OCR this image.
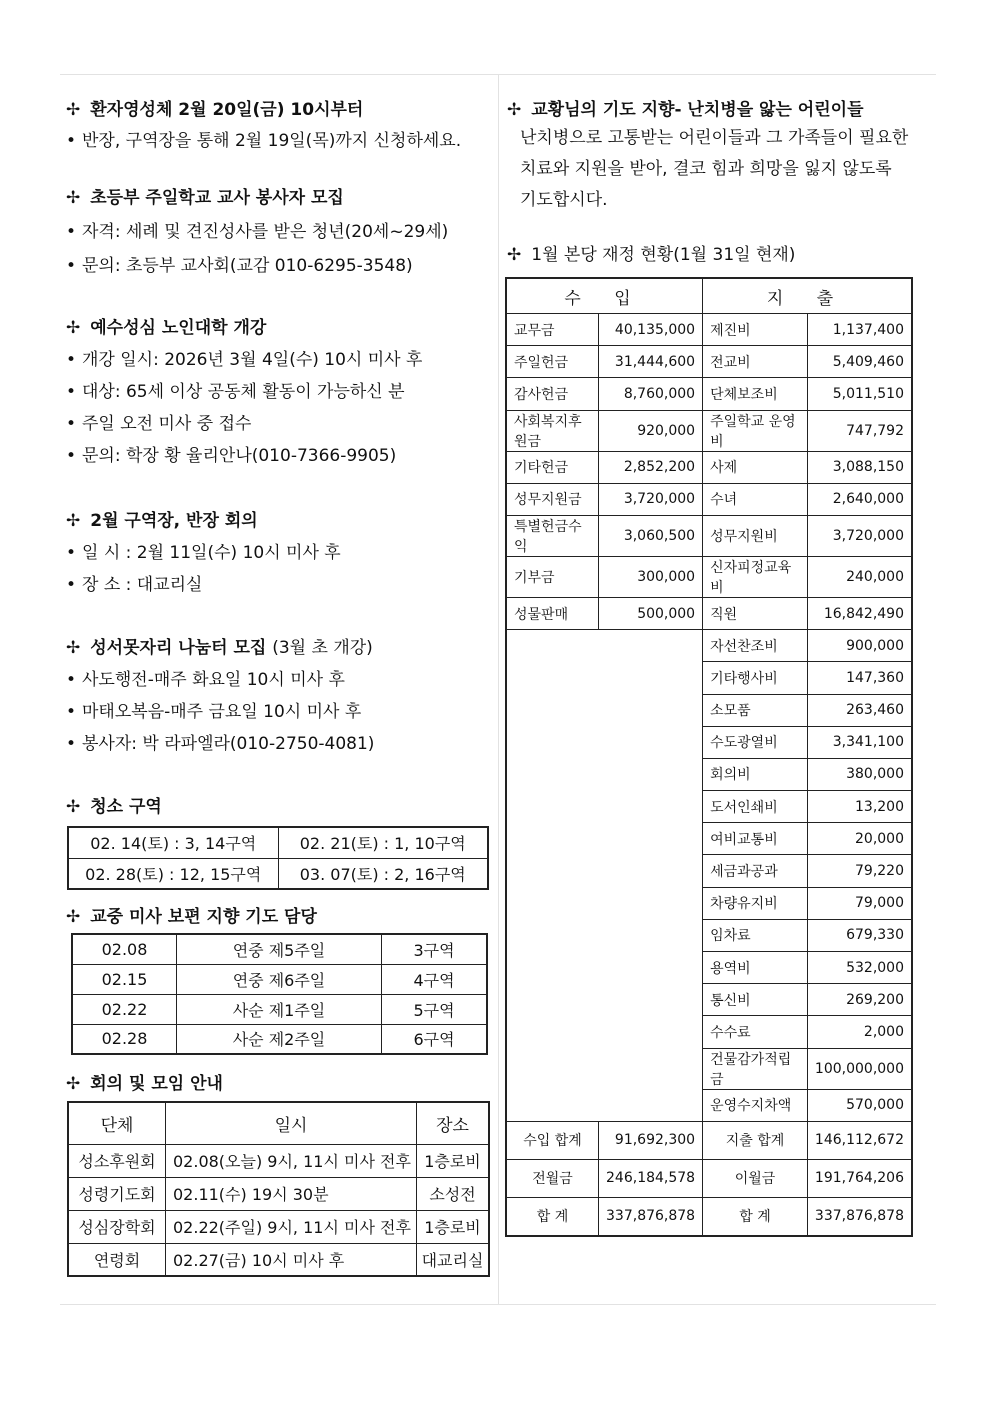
✢ 환자영성체 2월 20일(금) 10시부터
• 반장, 구역장을 통해 2월 19일(목)까지 신청하세요.
✢ 초등부 주일학교 교사 봉사자 모집
• 자격: 세례 및 견진성사를 받은 청년(20세~29세)
• 문의: 초등부 교사회(교감 010-6295-3548)
✢ 예수성심 노인대학 개강
• 개강 일시: 2026년 3월 4일(수) 10시 미사 후
• 대상: 65세 이상 공동체 활동이 가능하신 분
• 주일 오전 미사 중 접수
• 문의: 학장 황 율리안나(010-7366-9905)
✢ 2월 구역장, 반장 회의
• 일 시 : 2월 11일(수) 10시 미사 후
• 장 소 : 대교리실
✢ 성서못자리 나눔터 모집 (3월 초 개강)
• 사도행전-매주 화요일 10시 미사 후
• 마태오복음-매주 금요일 10시 미사 후
• 봉사자: 박 라파엘라(010-2750-4081)
✢ 청소 구역
02. 14(토) : 3, 14구역	02. 21(토) : 1, 10구역
02. 28(토) : 12, 15구역	03. 07(토) : 2, 16구역
✢ 교중 미사 보편 지향 기도 담당
02.08	연중 제5주일	3구역
02.15	연중 제6주일	4구역
02.22	사순 제1주일	5구역
02.28	사순 제2주일	6구역
✢ 회의 및 모임 안내
단체	일시	장소
성소후원회	02.08(오늘) 9시, 11시 미사 전후	1층로비
성령기도회	02.11(수) 19시 30분	소성전
성심장학회	02.22(주일) 9시, 11시 미사 전후	1층로비
연령회	02.27(금) 10시 미사 후	대교리실
✢ 교황님의 기도 지향- 난치병을 앓는 어린이들
난치병으로 고통받는 어린이들과 그 가족들이 필요한
치료와 지원을 받아, 결코 힘과 희망을 잃지 않도록
기도합시다.
✢ 1월 본당 재정 현황(1월 31일 현재)
수 입		지 출	
교무금	40,135,000	제진비	1,137,400
주일헌금	31,444,600	전교비	5,409,460
감사헌금	8,760,000	단체보조비	5,011,510
사회복지후원금	920,000	주일학교 운영비	747,792
기타헌금	2,852,200	사제	3,088,150
성무지원금	3,720,000	수녀	2,640,000
특별헌금수익	3,060,500	성무지원비	3,720,000
기부금	300,000	신자피정교육비	240,000
성물판매	500,000	직원	16,842,490
		자선찬조비	900,000
		기타행사비	147,360
		소모품	263,460
		수도광열비	3,341,100
		회의비	380,000
		도서인쇄비	13,200
		여비교통비	20,000
		세금과공과	79,220
		차량유지비	79,000
		임차료	679,330
		용역비	532,000
		통신비	269,200
		수수료	2,000
		건물감가적립금	100,000,000
		운영수지차액	570,000
수입 합계	91,692,300	지출 합계	146,112,672
전월금	246,184,578	이월금	191,764,206
합 계	337,876,878	합 계	337,876,878
